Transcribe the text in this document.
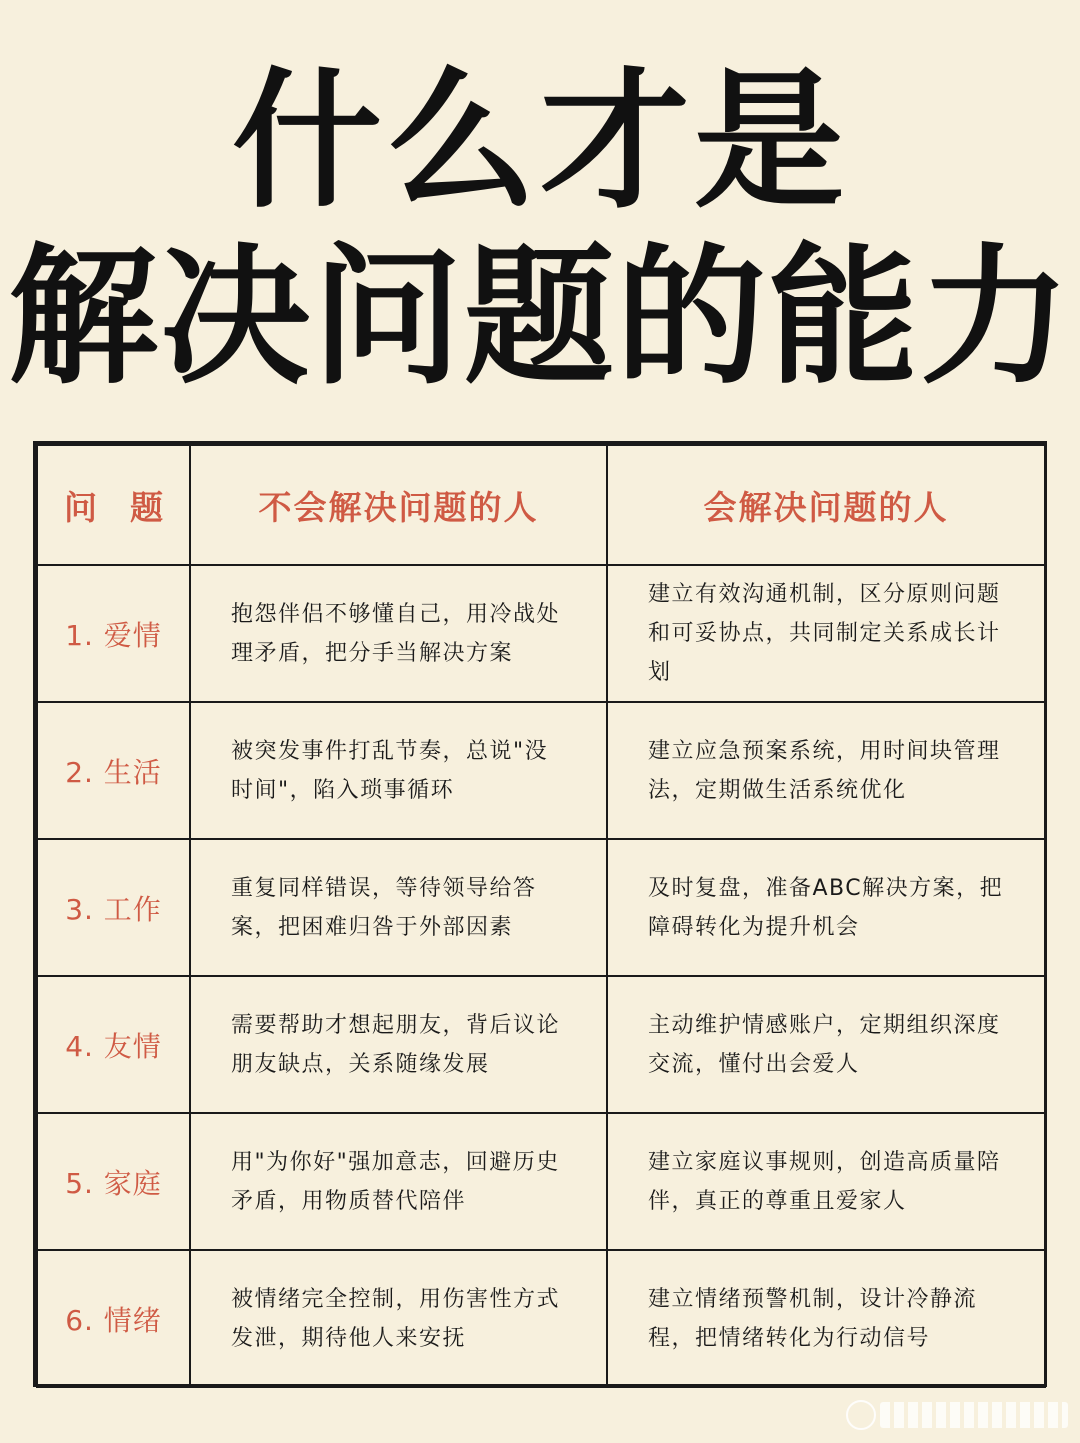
什么才是
解决问题的能力
问　题	不会解决问题的人	会解决问题的人
1. 爱情	抱怨伴侣不够懂自己，用冷战处理矛盾，把分手当解决方案	建立有效沟通机制，区分原则问题和可妥协点，共同制定关系成长计划
2. 生活	被突发事件打乱节奏，总说"没时间"，陷入琐事循环	建立应急预案系统，用时间块管理法，定期做生活系统优化
3. 工作	重复同样错误，等待领导给答案，把困难归咎于外部因素	及时复盘，准备ABC解决方案，把障碍转化为提升机会
4. 友情	需要帮助才想起朋友，背后议论朋友缺点，关系随缘发展	主动维护情感账户，定期组织深度交流，懂付出会爱人
5. 家庭	用"为你好"强加意志，回避历史矛盾，用物质替代陪伴	建立家庭议事规则，创造高质量陪伴，真正的尊重且爱家人
6. 情绪	被情绪完全控制，用伤害性方式发泄，期待他人来安抚	建立情绪预警机制，设计冷静流程，把情绪转化为行动信号
